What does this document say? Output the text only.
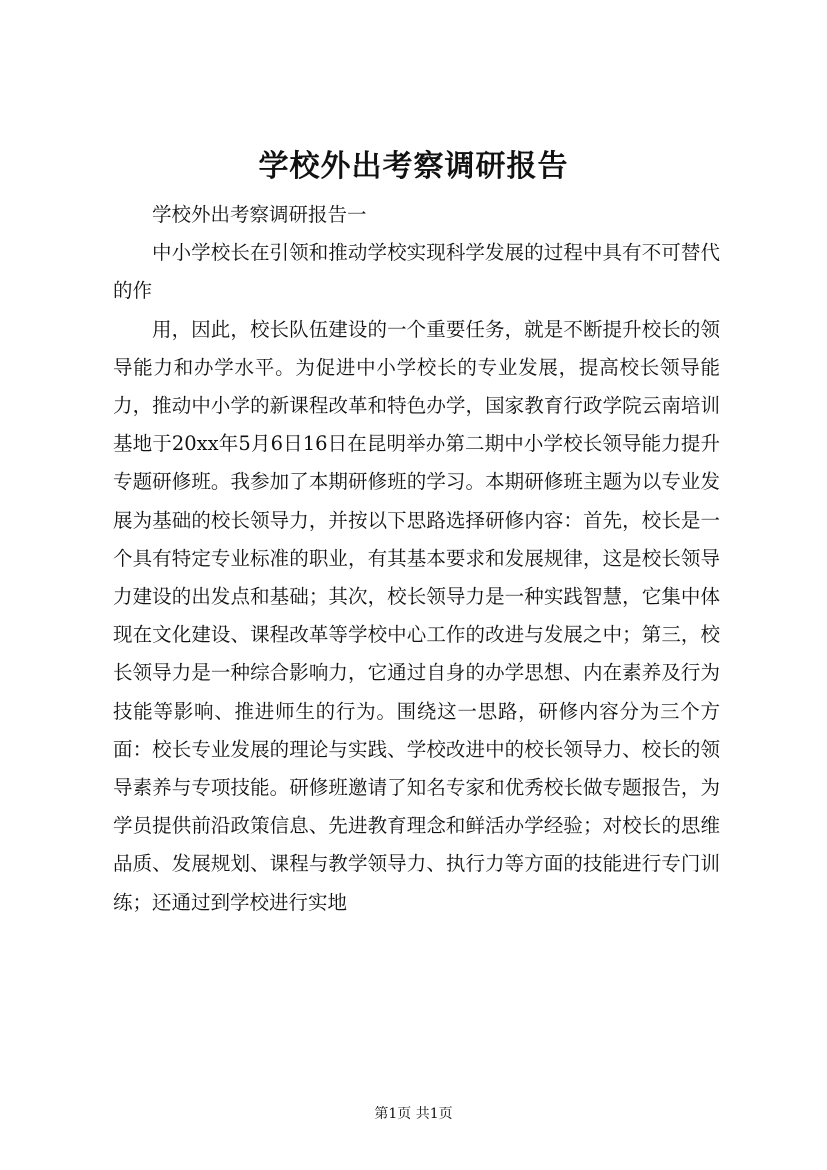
学校外出考察调研报告

学校外出考察调研报告一

中小学校长在引领和推动学校实现科学发展的过程中具有不可替代的作

用，因此，校长队伍建设的一个重要任务，就是不断提升校长的领导能力和办学水平。为促进中小学校长的专业发展，提高校长领导能力，推动中小学的新课程改革和特色办学，国家教育行政学院云南培训基地于20xx年5月6日16日在昆明举办第二期中小学校长领导能力提升专题研修班。我参加了本期研修班的学习。本期研修班主题为以专业发展为基础的校长领导力，并按以下思路选择研修内容：首先，校长是一个具有特定专业标准的职业，有其基本要求和发展规律，这是校长领导力建设的出发点和基础；其次，校长领导力是一种实践智慧，它集中体现在文化建设、课程改革等学校中心工作的改进与发展之中；第三，校长领导力是一种综合影响力，它通过自身的办学思想、内在素养及行为技能等影响、推进师生的行为。围绕这一思路，研修内容分为三个方面：校长专业发展的理论与实践、学校改进中的校长领导力、校长的领导素养与专项技能。研修班邀请了知名专家和优秀校长做专题报告，为学员提供前沿政策信息、先进教育理念和鲜活办学经验；对校长的思维品质、发展规划、课程与教学领导力、执行力等方面的技能进行专门训练；还通过到学校进行实地

第1页 共1页
